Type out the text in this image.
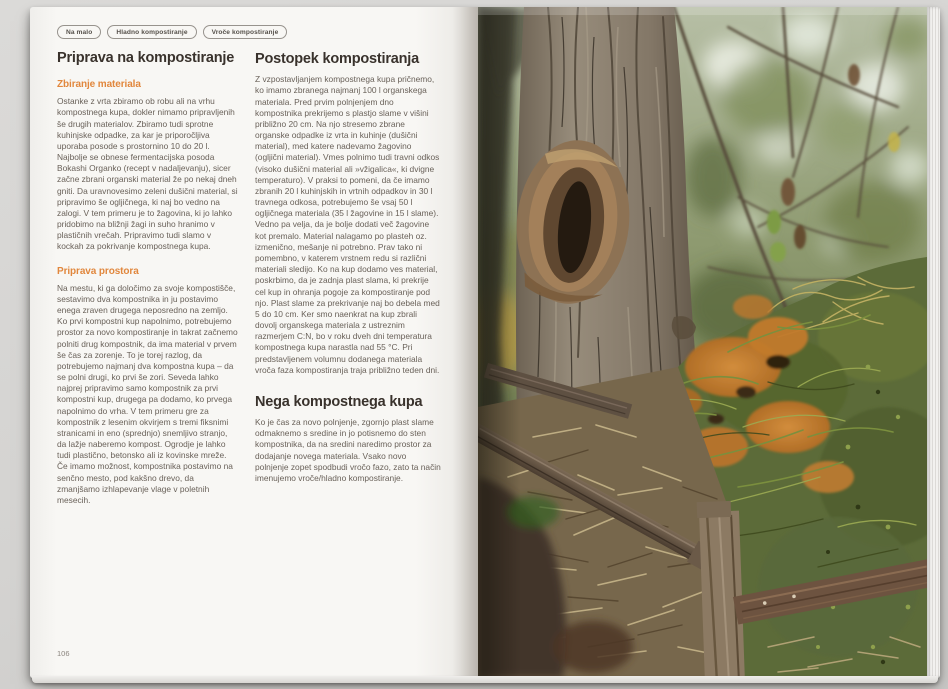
Na malo	Hladno kompostiranje	Vroče kompostiranje
Priprava na kompostiranje
Zbiranje materiala

Ostanke z vrta zbiramo ob robu ali na vrhu kompostnega kupa, dokler nimamo pripravljenih še drugih materialov. Zbiramo tudi sprotne kuhinjske odpadke, za kar je priporočljiva uporaba posode s prostornino 10 do 20 l. Najbolje se obnese fermentacijska posoda Bokashi Organko (recept v nadaljevanju), sicer začne zbrani organski material že po nekaj dneh gniti. Da uravnovesimo zeleni dušični material, si pripravimo še ogljičnega, ki naj bo vedno na zalogi. V tem primeru je to žagovina, ki jo lahko pridobimo na bližnji žagi in suho hranimo v plastičnih vrečah. Pripravimo tudi slamo v kockah za pokrivanje kompostnega kupa.

Priprava prostora

Na mestu, ki ga določimo za svoje kompostišče, sestavimo dva kompostnika in ju postavimo enega zraven drugega neposredno na zemljo. Ko prvi kompostni kup napolnimo, potrebujemo prostor za novo kompostiranje in takrat začnemo polniti drug kompostnik, da ima material v prvem še čas za zorenje. To je torej razlog, da potrebujemo najmanj dva kompostna kupa – da se polni drugi, ko prvi še zori. Seveda lahko najprej pripravimo samo kompostnik za prvi kompostni kup, drugega pa dodamo, ko prvega napolnimo do vrha. V tem primeru gre za kompostnik z lesenim okvirjem s tremi fiksnimi stranicami in eno (sprednjo) snemljivo stranjo, da lažje naberemo kompost. Ogrodje je lahko tudi plastično, betonsko ali iz kovinske mreže. Če imamo možnost, kompostnika postavimo na senčno mesto, pod kakšno drevo, da zmanjšamo izhlapevanje vlage v poletnih mesecih.

Postopek kompostiranja

Z vzpostavljanjem kompostnega kupa pričnemo, ko imamo zbranega najmanj 100 l organskega materiala. Pred prvim polnjenjem dno kompostnika prekrijemo s plastjo slame v višini približno 20 cm. Na njo stresemo zbrane organske odpadke iz vrta in kuhinje (dušični material), med katere nadevamo žagovino (ogljični material). Vmes polnimo tudi travni odkos (visoko dušični material ali »vžigalica«, ki dvigne temperaturo). V praksi to pomeni, da če imamo zbranih 20 l kuhinjskih in vrtnih odpadkov in 30 l travnega odkosa, potrebujemo še vsaj 50 l ogljičnega materiala (35 l žagovine in 15 l slame). Vedno pa velja, da je bolje dodati več žagovine kot premalo. Material nalagamo po plasteh oz. izmenično, mešanje ni potrebno. Prav tako ni pomembno, v katerem vrstnem redu si različni materiali sledijo. Ko na kup dodamo ves material, poskrbimo, da je zadnja plast slama, ki prekrije cel kup in ohranja pogoje za kompostiranje pod njo. Plast slame za prekrivanje naj bo debela med 5 do 10 cm. Ker smo naenkrat na kup zbrali dovolj organskega materiala z ustreznim razmerjem C:N, bo v roku dveh dni temperatura kompostnega kupa narastla nad 55 °C. Pri predstavljenem volumnu dodanega materiala vroča faza kompostiranja traja približno teden dni.

Nega kompostnega kupa

Ko je čas za novo polnjenje, zgornjo plast slame odmaknemo s sredine in jo potisnemo do sten kompostnika, da na sredini naredimo prostor za dodajanje novega materiala. Vsako novo polnjenje zopet spodbudi vročo fazo, zato ta način imenujemo vroče/hladno kompostiranje.

106
